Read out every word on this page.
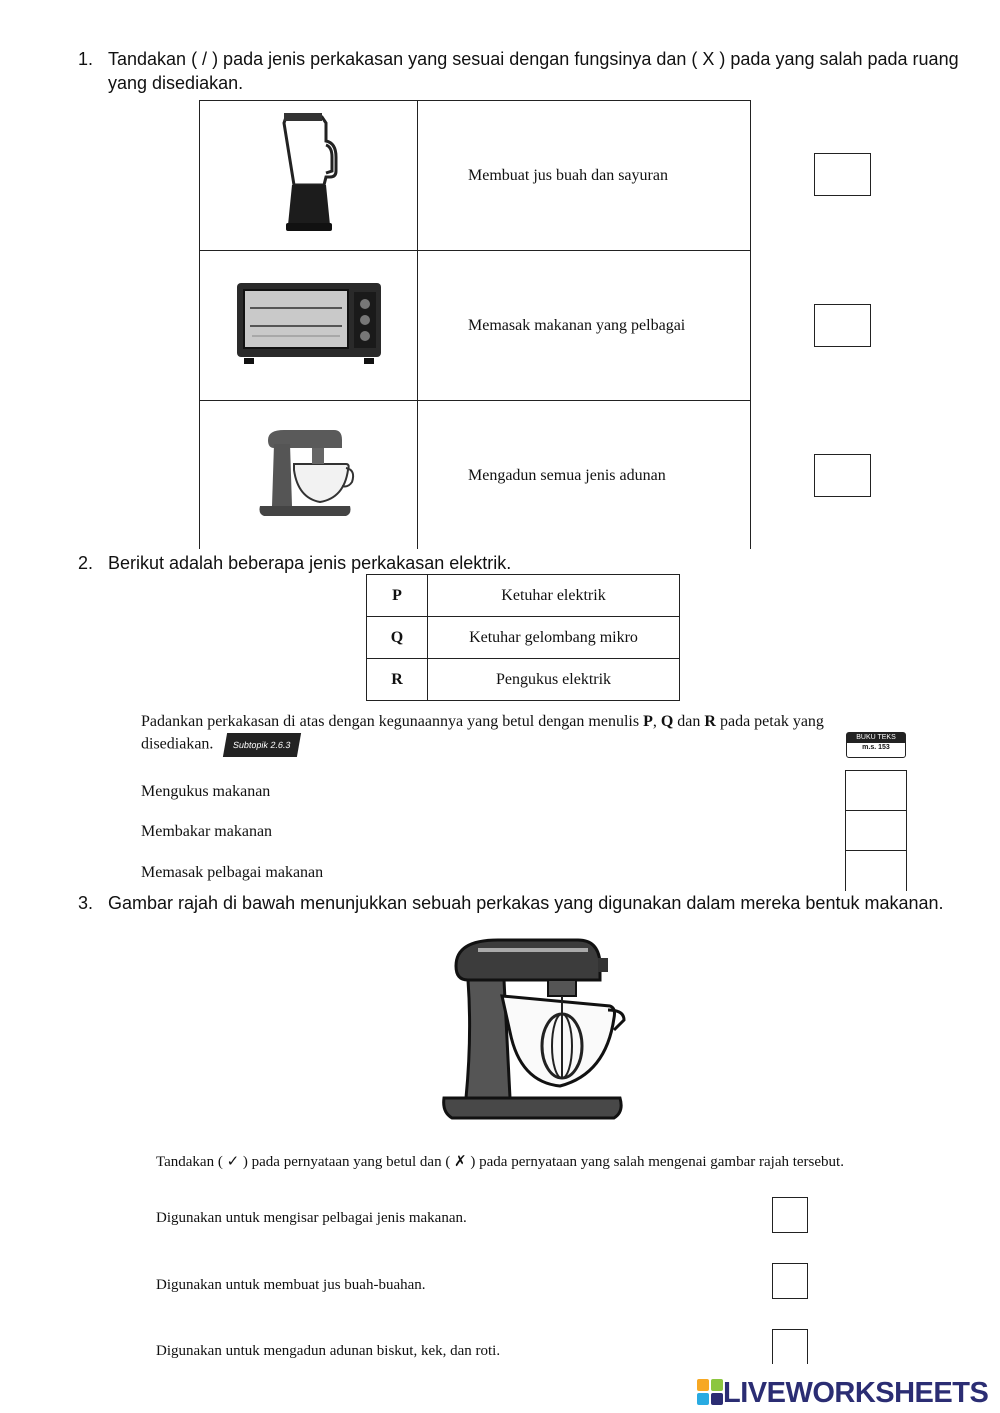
1. Tandakan ( / ) pada jenis perkakasan yang sesuai dengan fungsinya dan ( X ) pada yang salah pada ruang yang disediakan.
	Membuat jus buah dan sayuran
	Memasak makanan yang pelbagai
	Mengadun semua jenis adunan
2. Berikut adalah beberapa jenis perkakasan elektrik.
P	Ketuhar elektrik
Q	Ketuhar gelombang mikro
R	Pengukus elektrik
Padankan perkakasan di atas dengan kegunaannya yang betul dengan menulis P, Q dan R pada petak yang
disediakan. Subtopik 2.6.3
BUKU TEKS
m.s. 153
Mengukus makanan
Membakar makanan
Memasak pelbagai makanan
3. Gambar rajah di bawah menunjukkan sebuah perkakas yang digunakan dalam mereka bentuk makanan.
Tandakan ( ✓ ) pada pernyataan yang betul dan ( ✗ ) pada pernyataan yang salah mengenai gambar rajah tersebut.
Digunakan untuk mengisar pelbagai jenis makanan.
Digunakan untuk membuat jus buah-buahan.
Digunakan untuk mengadun adunan biskut, kek, dan roti.
LIVEWORKSHEETS
